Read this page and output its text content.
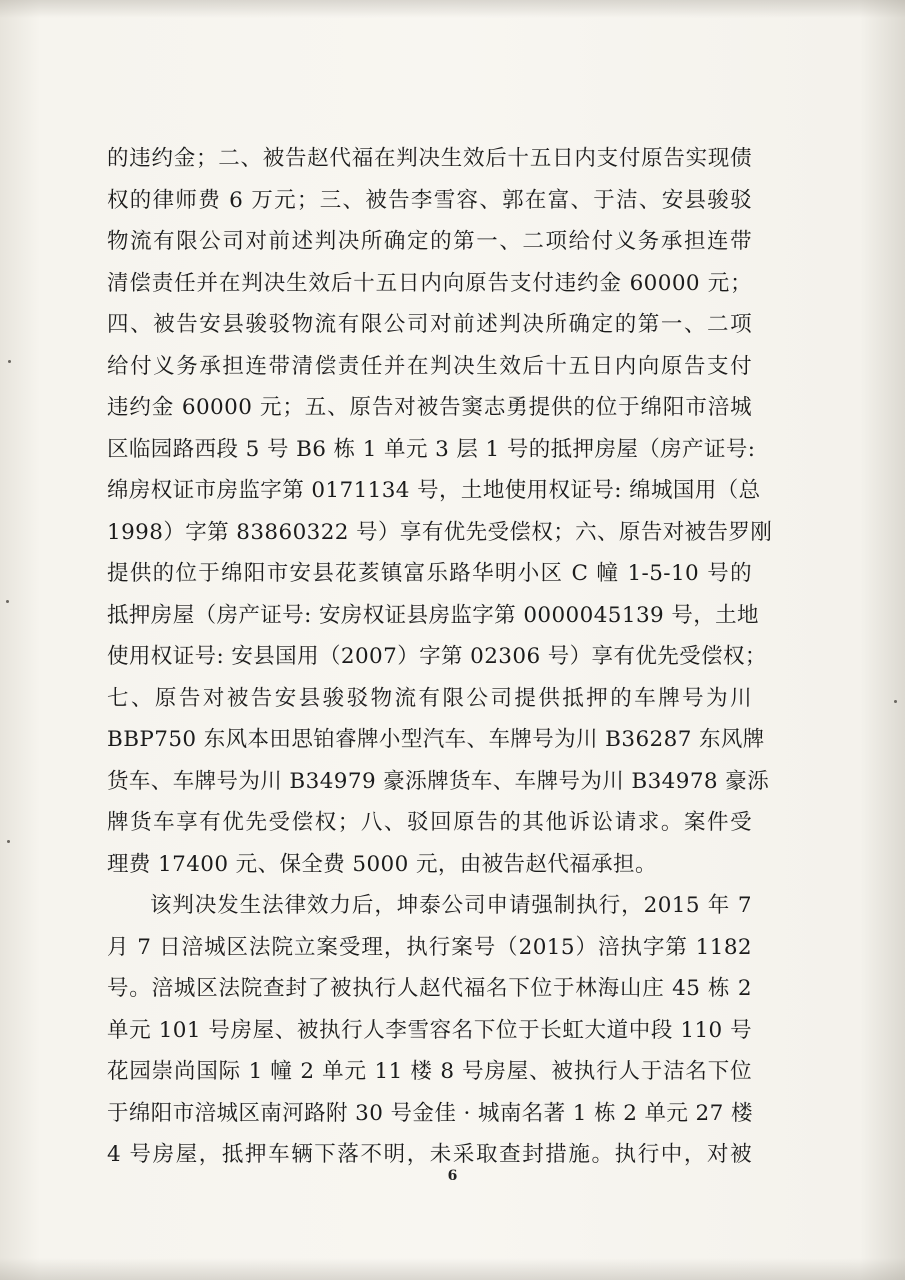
的违约金；二、被告赵代福在判决生效后十五日内支付原告实现债
权的律师费 6 万元；三、被告李雪容、郭在富、于洁、安县骏驳
物流有限公司对前述判决所确定的第一、二项给付义务承担连带
清偿责任并在判决生效后十五日内向原告支付违约金 60000 元；
四、被告安县骏驳物流有限公司对前述判决所确定的第一、二项
给付义务承担连带清偿责任并在判决生效后十五日内向原告支付
违约金 60000 元；五、原告对被告窦志勇提供的位于绵阳市涪城
区临园路西段 5 号 B6 栋 1 单元 3 层 1 号的抵押房屋（房产证号:
绵房权证市房监字第 0171134 号，土地使用权证号: 绵城国用（总
1998）字第 83860322 号）享有优先受偿权；六、原告对被告罗刚
提供的位于绵阳市安县花荄镇富乐路华明小区 C 幢 1-5-10 号的
抵押房屋（房产证号: 安房权证县房监字第 0000045139 号，土地
使用权证号: 安县国用（2007）字第 02306 号）享有优先受偿权；
七、原告对被告安县骏驳物流有限公司提供抵押的车牌号为川
BBP750 东风本田思铂睿牌小型汽车、车牌号为川 B36287 东风牌
货车、车牌号为川 B34979 豪泺牌货车、车牌号为川 B34978 豪泺
牌货车享有优先受偿权；八、驳回原告的其他诉讼请求。案件受
理费 17400 元、保全费 5000 元，由被告赵代福承担。
该判决发生法律效力后，坤泰公司申请强制执行，2015 年 7
月 7 日涪城区法院立案受理，执行案号（2015）涪执字第 1182
号。涪城区法院查封了被执行人赵代福名下位于林海山庄 45 栋 2
单元 101 号房屋、被执行人李雪容名下位于长虹大道中段 110 号
花园崇尚国际 1 幢 2 单元 11 楼 8 号房屋、被执行人于洁名下位
于绵阳市涪城区南河路附 30 号金佳 · 城南名著 1 栋 2 单元 27 楼
4 号房屋，抵押车辆下落不明，未采取查封措施。执行中，对被
6
